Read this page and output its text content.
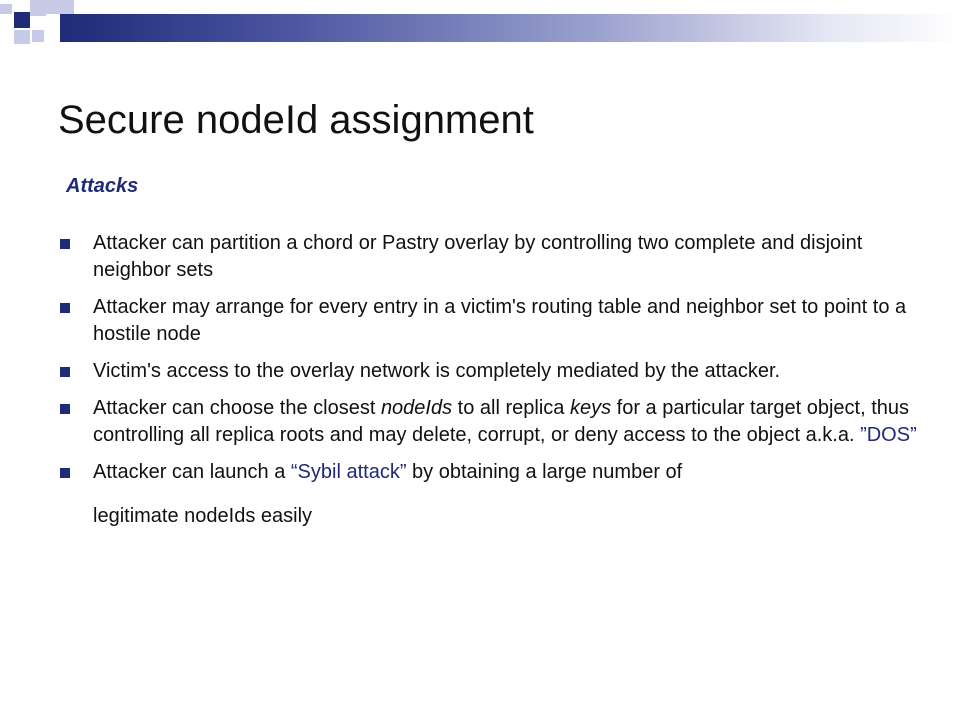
Secure nodeId assignment
Attacks
Attacker can partition a chord or Pastry overlay by controlling two complete and disjoint neighbor sets
Attacker may arrange for every entry in a victim's routing table and neighbor set to point to a hostile node
Victim's access to the overlay network is completely mediated by the attacker.
Attacker can choose the closest nodeIds to all replica keys for a particular target object, thus controlling all replica roots and may delete, corrupt, or deny access to the object a.k.a. ”DOS”
Attacker can launch a “Sybil attack” by obtaining a large number of
legitimate nodeIds easily
